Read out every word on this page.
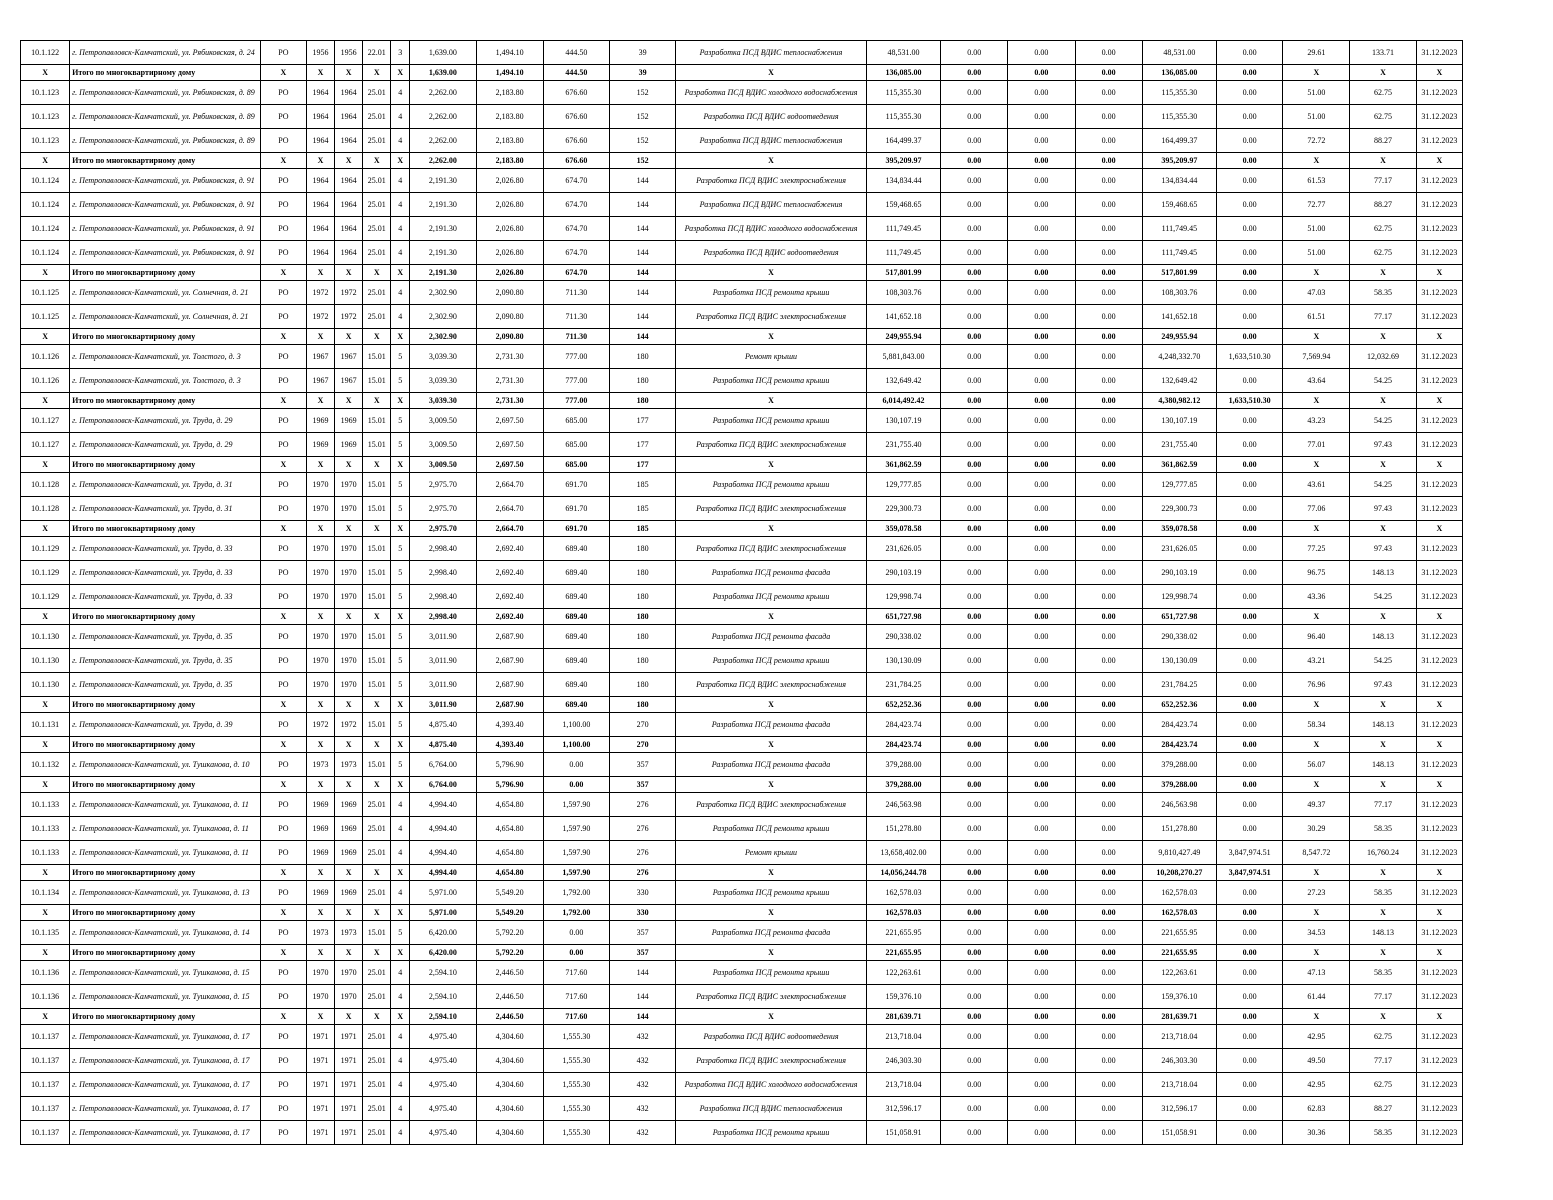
10.1.122	г. Петропавловск-Камчатский, ул. Рябиковская, д. 24	РО	1956	1956	22.01	3	1,639.00	1,494.10	444.50	39	Разработка ПСД ВДИС теплоснабжения	48,531.00	0.00	0.00	0.00	48,531.00	0.00	29.61	133.71	31.12.2023
X	Итого по многоквартирному дому	X	X	X	X	X	1,639.00	1,494.10	444.50	39	X	136,085.00	0.00	0.00	0.00	136,085.00	0.00	X	X	X
10.1.123	г. Петропавловск-Камчатский, ул. Рябиковская, д. 89	РО	1964	1964	25.01	4	2,262.00	2,183.80	676.60	152	Разработка ПСД ВДИС холодного водоснабжения	115,355.30	0.00	0.00	0.00	115,355.30	0.00	51.00	62.75	31.12.2023
10.1.123	г. Петропавловск-Камчатский, ул. Рябиковская, д. 89	РО	1964	1964	25.01	4	2,262.00	2,183.80	676.60	152	Разработка ПСД ВДИС водоотведения	115,355.30	0.00	0.00	0.00	115,355.30	0.00	51.00	62.75	31.12.2023
10.1.123	г. Петропавловск-Камчатский, ул. Рябиковская, д. 89	РО	1964	1964	25.01	4	2,262.00	2,183.80	676.60	152	Разработка ПСД ВДИС теплоснабжения	164,499.37	0.00	0.00	0.00	164,499.37	0.00	72.72	88.27	31.12.2023
X	Итого по многоквартирному дому	X	X	X	X	X	2,262.00	2,183.80	676.60	152	X	395,209.97	0.00	0.00	0.00	395,209.97	0.00	X	X	X
10.1.124	г. Петропавловск-Камчатский, ул. Рябиковская, д. 91	РО	1964	1964	25.01	4	2,191.30	2,026.80	674.70	144	Разработка ПСД ВДИС электроснабжения	134,834.44	0.00	0.00	0.00	134,834.44	0.00	61.53	77.17	31.12.2023
10.1.124	г. Петропавловск-Камчатский, ул. Рябиковская, д. 91	РО	1964	1964	25.01	4	2,191.30	2,026.80	674.70	144	Разработка ПСД ВДИС теплоснабжения	159,468.65	0.00	0.00	0.00	159,468.65	0.00	72.77	88.27	31.12.2023
10.1.124	г. Петропавловск-Камчатский, ул. Рябиковская, д. 91	РО	1964	1964	25.01	4	2,191.30	2,026.80	674.70	144	Разработка ПСД ВДИС холодного водоснабжения	111,749.45	0.00	0.00	0.00	111,749.45	0.00	51.00	62.75	31.12.2023
10.1.124	г. Петропавловск-Камчатский, ул. Рябиковская, д. 91	РО	1964	1964	25.01	4	2,191.30	2,026.80	674.70	144	Разработка ПСД ВДИС водоотведения	111,749.45	0.00	0.00	0.00	111,749.45	0.00	51.00	62.75	31.12.2023
X	Итого по многоквартирному дому	X	X	X	X	X	2,191.30	2,026.80	674.70	144	X	517,801.99	0.00	0.00	0.00	517,801.99	0.00	X	X	X
10.1.125	г. Петропавловск-Камчатский, ул. Солнечная, д. 21	РО	1972	1972	25.01	4	2,302.90	2,090.80	711.30	144	Разработка ПСД ремонта крыши	108,303.76	0.00	0.00	0.00	108,303.76	0.00	47.03	58.35	31.12.2023
10.1.125	г. Петропавловск-Камчатский, ул. Солнечная, д. 21	РО	1972	1972	25.01	4	2,302.90	2,090.80	711.30	144	Разработка ПСД ВДИС электроснабжения	141,652.18	0.00	0.00	0.00	141,652.18	0.00	61.51	77.17	31.12.2023
X	Итого по многоквартирному дому	X	X	X	X	X	2,302.90	2,090.80	711.30	144	X	249,955.94	0.00	0.00	0.00	249,955.94	0.00	X	X	X
10.1.126	г. Петропавловск-Камчатский, ул. Толстого, д. 3	РО	1967	1967	15.01	5	3,039.30	2,731.30	777.00	180	Ремонт крыши	5,881,843.00	0.00	0.00	0.00	4,248,332.70	1,633,510.30	7,569.94	12,032.69	31.12.2023
10.1.126	г. Петропавловск-Камчатский, ул. Толстого, д. 3	РО	1967	1967	15.01	5	3,039.30	2,731.30	777.00	180	Разработка ПСД ремонта крыши	132,649.42	0.00	0.00	0.00	132,649.42	0.00	43.64	54.25	31.12.2023
X	Итого по многоквартирному дому	X	X	X	X	X	3,039.30	2,731.30	777.00	180	X	6,014,492.42	0.00	0.00	0.00	4,380,982.12	1,633,510.30	X	X	X
10.1.127	г. Петропавловск-Камчатский, ул. Труда, д. 29	РО	1969	1969	15.01	5	3,009.50	2,697.50	685.00	177	Разработка ПСД ремонта крыши	130,107.19	0.00	0.00	0.00	130,107.19	0.00	43.23	54.25	31.12.2023
10.1.127	г. Петропавловск-Камчатский, ул. Труда, д. 29	РО	1969	1969	15.01	5	3,009.50	2,697.50	685.00	177	Разработка ПСД ВДИС электроснабжения	231,755.40	0.00	0.00	0.00	231,755.40	0.00	77.01	97.43	31.12.2023
X	Итого по многоквартирному дому	X	X	X	X	X	3,009.50	2,697.50	685.00	177	X	361,862.59	0.00	0.00	0.00	361,862.59	0.00	X	X	X
10.1.128	г. Петропавловск-Камчатский, ул. Труда, д. 31	РО	1970	1970	15.01	5	2,975.70	2,664.70	691.70	185	Разработка ПСД ремонта крыши	129,777.85	0.00	0.00	0.00	129,777.85	0.00	43.61	54.25	31.12.2023
10.1.128	г. Петропавловск-Камчатский, ул. Труда, д. 31	РО	1970	1970	15.01	5	2,975.70	2,664.70	691.70	185	Разработка ПСД ВДИС электроснабжения	229,300.73	0.00	0.00	0.00	229,300.73	0.00	77.06	97.43	31.12.2023
X	Итого по многоквартирному дому	X	X	X	X	X	2,975.70	2,664.70	691.70	185	X	359,078.58	0.00	0.00	0.00	359,078.58	0.00	X	X	X
10.1.129	г. Петропавловск-Камчатский, ул. Труда, д. 33	РО	1970	1970	15.01	5	2,998.40	2,692.40	689.40	180	Разработка ПСД ВДИС электроснабжения	231,626.05	0.00	0.00	0.00	231,626.05	0.00	77.25	97.43	31.12.2023
10.1.129	г. Петропавловск-Камчатский, ул. Труда, д. 33	РО	1970	1970	15.01	5	2,998.40	2,692.40	689.40	180	Разработка ПСД ремонта фасада	290,103.19	0.00	0.00	0.00	290,103.19	0.00	96.75	148.13	31.12.2023
10.1.129	г. Петропавловск-Камчатский, ул. Труда, д. 33	РО	1970	1970	15.01	5	2,998.40	2,692.40	689.40	180	Разработка ПСД ремонта крыши	129,998.74	0.00	0.00	0.00	129,998.74	0.00	43.36	54.25	31.12.2023
X	Итого по многоквартирному дому	X	X	X	X	X	2,998.40	2,692.40	689.40	180	X	651,727.98	0.00	0.00	0.00	651,727.98	0.00	X	X	X
10.1.130	г. Петропавловск-Камчатский, ул. Труда, д. 35	РО	1970	1970	15.01	5	3,011.90	2,687.90	689.40	180	Разработка ПСД ремонта фасада	290,338.02	0.00	0.00	0.00	290,338.02	0.00	96.40	148.13	31.12.2023
10.1.130	г. Петропавловск-Камчатский, ул. Труда, д. 35	РО	1970	1970	15.01	5	3,011.90	2,687.90	689.40	180	Разработка ПСД ремонта крыши	130,130.09	0.00	0.00	0.00	130,130.09	0.00	43.21	54.25	31.12.2023
10.1.130	г. Петропавловск-Камчатский, ул. Труда, д. 35	РО	1970	1970	15.01	5	3,011.90	2,687.90	689.40	180	Разработка ПСД ВДИС электроснабжения	231,784.25	0.00	0.00	0.00	231,784.25	0.00	76.96	97.43	31.12.2023
X	Итого по многоквартирному дому	X	X	X	X	X	3,011.90	2,687.90	689.40	180	X	652,252.36	0.00	0.00	0.00	652,252.36	0.00	X	X	X
10.1.131	г. Петропавловск-Камчатский, ул. Труда, д. 39	РО	1972	1972	15.01	5	4,875.40	4,393.40	1,100.00	270	Разработка ПСД ремонта фасада	284,423.74	0.00	0.00	0.00	284,423.74	0.00	58.34	148.13	31.12.2023
X	Итого по многоквартирному дому	X	X	X	X	X	4,875.40	4,393.40	1,100.00	270	X	284,423.74	0.00	0.00	0.00	284,423.74	0.00	X	X	X
10.1.132	г. Петропавловск-Камчатский, ул. Тушканова, д. 10	РО	1973	1973	15.01	5	6,764.00	5,796.90	0.00	357	Разработка ПСД ремонта фасада	379,288.00	0.00	0.00	0.00	379,288.00	0.00	56.07	148.13	31.12.2023
X	Итого по многоквартирному дому	X	X	X	X	X	6,764.00	5,796.90	0.00	357	X	379,288.00	0.00	0.00	0.00	379,288.00	0.00	X	X	X
10.1.133	г. Петропавловск-Камчатский, ул. Тушканова, д. 11	РО	1969	1969	25.01	4	4,994.40	4,654.80	1,597.90	276	Разработка ПСД ВДИС электроснабжения	246,563.98	0.00	0.00	0.00	246,563.98	0.00	49.37	77.17	31.12.2023
10.1.133	г. Петропавловск-Камчатский, ул. Тушканова, д. 11	РО	1969	1969	25.01	4	4,994.40	4,654.80	1,597.90	276	Разработка ПСД ремонта крыши	151,278.80	0.00	0.00	0.00	151,278.80	0.00	30.29	58.35	31.12.2023
10.1.133	г. Петропавловск-Камчатский, ул. Тушканова, д. 11	РО	1969	1969	25.01	4	4,994.40	4,654.80	1,597.90	276	Ремонт крыши	13,658,402.00	0.00	0.00	0.00	9,810,427.49	3,847,974.51	8,547.72	16,760.24	31.12.2023
X	Итого по многоквартирному дому	X	X	X	X	X	4,994.40	4,654.80	1,597.90	276	X	14,056,244.78	0.00	0.00	0.00	10,208,270.27	3,847,974.51	X	X	X
10.1.134	г. Петропавловск-Камчатский, ул. Тушканова, д. 13	РО	1969	1969	25.01	4	5,971.00	5,549.20	1,792.00	330	Разработка ПСД ремонта крыши	162,578.03	0.00	0.00	0.00	162,578.03	0.00	27.23	58.35	31.12.2023
X	Итого по многоквартирному дому	X	X	X	X	X	5,971.00	5,549.20	1,792.00	330	X	162,578.03	0.00	0.00	0.00	162,578.03	0.00	X	X	X
10.1.135	г. Петропавловск-Камчатский, ул. Тушканова, д. 14	РО	1973	1973	15.01	5	6,420.00	5,792.20	0.00	357	Разработка ПСД ремонта фасада	221,655.95	0.00	0.00	0.00	221,655.95	0.00	34.53	148.13	31.12.2023
X	Итого по многоквартирному дому	X	X	X	X	X	6,420.00	5,792.20	0.00	357	X	221,655.95	0.00	0.00	0.00	221,655.95	0.00	X	X	X
10.1.136	г. Петропавловск-Камчатский, ул. Тушканова, д. 15	РО	1970	1970	25.01	4	2,594.10	2,446.50	717.60	144	Разработка ПСД ремонта крыши	122,263.61	0.00	0.00	0.00	122,263.61	0.00	47.13	58.35	31.12.2023
10.1.136	г. Петропавловск-Камчатский, ул. Тушканова, д. 15	РО	1970	1970	25.01	4	2,594.10	2,446.50	717.60	144	Разработка ПСД ВДИС электроснабжения	159,376.10	0.00	0.00	0.00	159,376.10	0.00	61.44	77.17	31.12.2023
X	Итого по многоквартирному дому	X	X	X	X	X	2,594.10	2,446.50	717.60	144	X	281,639.71	0.00	0.00	0.00	281,639.71	0.00	X	X	X
10.1.137	г. Петропавловск-Камчатский, ул. Тушканова, д. 17	РО	1971	1971	25.01	4	4,975.40	4,304.60	1,555.30	432	Разработка ПСД ВДИС водоотведения	213,718.04	0.00	0.00	0.00	213,718.04	0.00	42.95	62.75	31.12.2023
10.1.137	г. Петропавловск-Камчатский, ул. Тушканова, д. 17	РО	1971	1971	25.01	4	4,975.40	4,304.60	1,555.30	432	Разработка ПСД ВДИС электроснабжения	246,303.30	0.00	0.00	0.00	246,303.30	0.00	49.50	77.17	31.12.2023
10.1.137	г. Петропавловск-Камчатский, ул. Тушканова, д. 17	РО	1971	1971	25.01	4	4,975.40	4,304.60	1,555.30	432	Разработка ПСД ВДИС холодного водоснабжения	213,718.04	0.00	0.00	0.00	213,718.04	0.00	42.95	62.75	31.12.2023
10.1.137	г. Петропавловск-Камчатский, ул. Тушканова, д. 17	РО	1971	1971	25.01	4	4,975.40	4,304.60	1,555.30	432	Разработка ПСД ВДИС теплоснабжения	312,596.17	0.00	0.00	0.00	312,596.17	0.00	62.83	88.27	31.12.2023
10.1.137	г. Петропавловск-Камчатский, ул. Тушканова, д. 17	РО	1971	1971	25.01	4	4,975.40	4,304.60	1,555.30	432	Разработка ПСД ремонта крыши	151,058.91	0.00	0.00	0.00	151,058.91	0.00	30.36	58.35	31.12.2023
